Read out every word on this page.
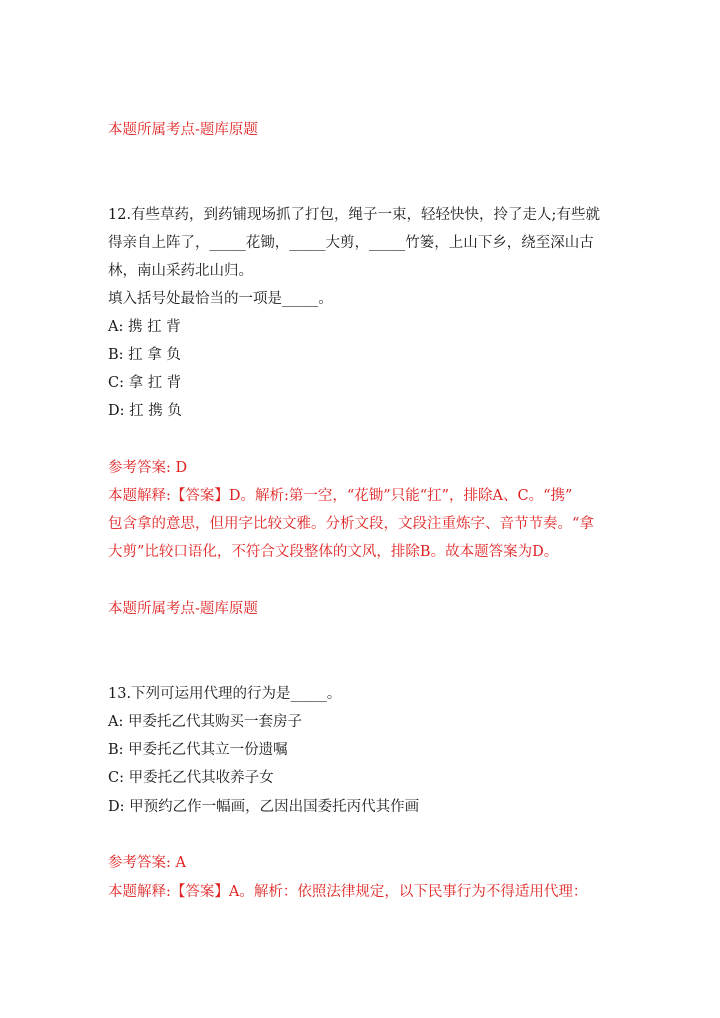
本题所属考点-题库原题

12.有些草药，到药铺现场抓了打包，绳子一束，轻轻快快，拎了走人;有些就

得亲自上阵了，_____花锄，_____大剪，_____竹篓，上山下乡，绕至深山古

林，南山采药北山归。

填入括号处最恰当的一项是_____。

A: 携 扛 背

B: 扛 拿 负

C: 拿 扛 背

D: 扛 携 负

参考答案: D

本题解释:【答案】D。解析:第一空，“花锄”只能“扛”，排除A、C。“携”

包含拿的意思，但用字比较文雅。分析文段，文段注重炼字、音节节奏。“拿

大剪”比较口语化，不符合文段整体的文风，排除B。故本题答案为D。

本题所属考点-题库原题

13.下列可运用代理的行为是_____。

A: 甲委托乙代其购买一套房子

B: 甲委托乙代其立一份遗嘱

C: 甲委托乙代其收养子女

D: 甲预约乙作一幅画，乙因出国委托丙代其作画

参考答案: A

本题解释:【答案】A。解析：依照法律规定，以下民事行为不得适用代理：
